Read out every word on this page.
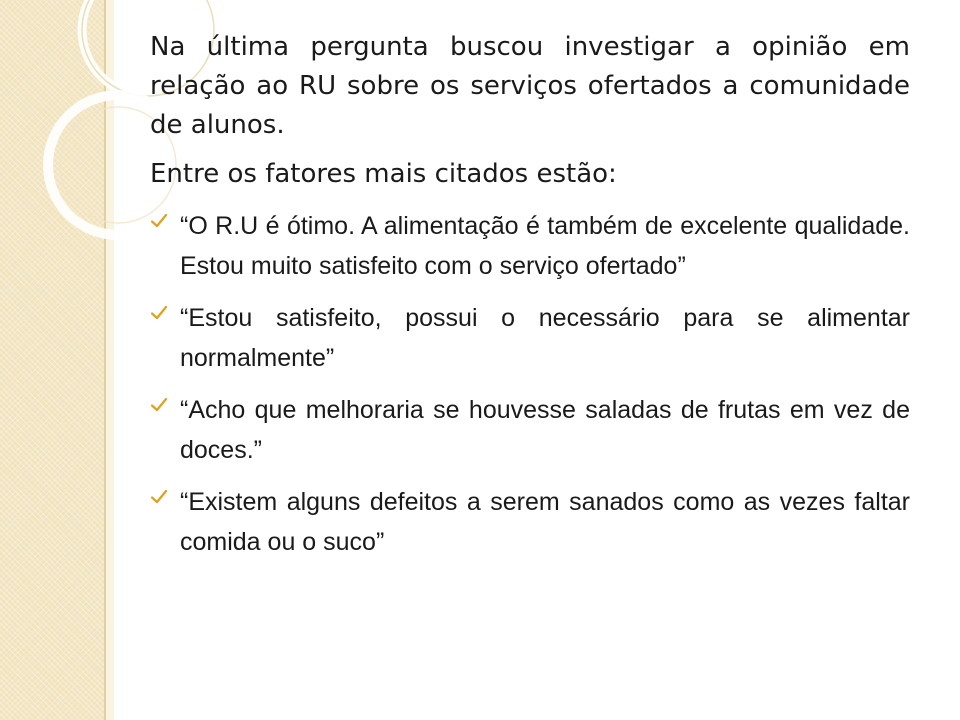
Na última pergunta buscou investigar a opinião em relação ao RU sobre os serviços ofertados a comunidade de alunos.

Entre os fatores mais citados estão:

“O R.U é ótimo. A alimentação é também de excelente qualidade. Estou muito satisfeito com o serviço ofertado”
“Estou satisfeito, possui o necessário para se alimentar normalmente”
“Acho que melhoraria se houvesse saladas de frutas em vez de doces.”
“Existem alguns defeitos a serem sanados como as vezes faltar comida ou o suco”
